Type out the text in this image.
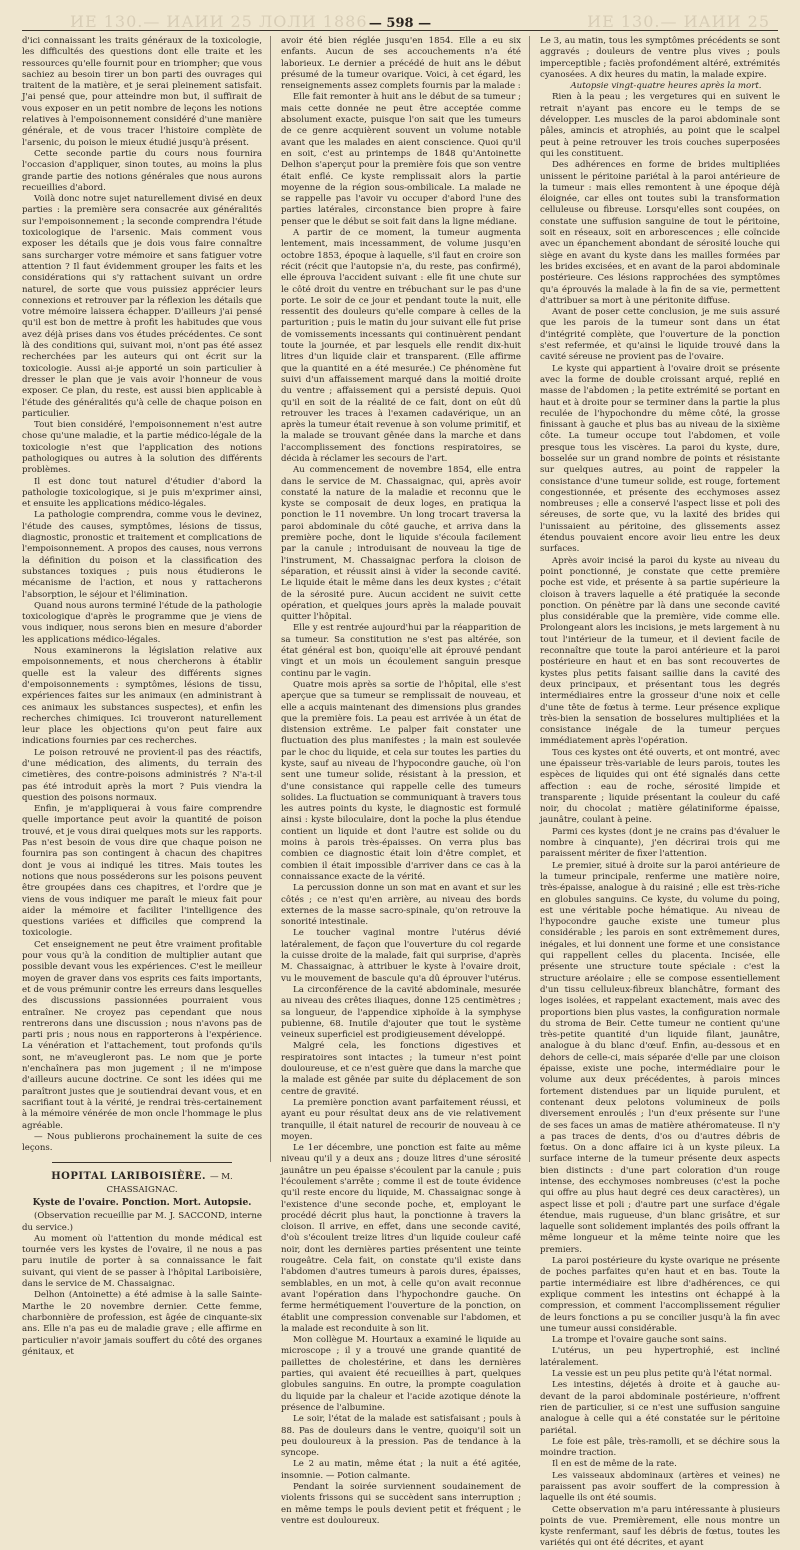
ИЕ 130.— ИАИИ 25 ЛОЛИ 1886	ИЕ 130.— ИАИИ 25
— 598 —

d'ici connaissant les traits généraux de la toxicologie, les difficultés des questions dont elle traite et les ressources qu'elle fournit pour en triompher; que vous sachiez au besoin tirer un bon parti des ouvrages qui traitent de la matière, et je serai pleinement satisfait. J'ai pensé que, pour atteindre mon but, il suffirait de vous exposer en un petit nombre de leçons les notions relatives à l'empoisonnement considéré d'une manière générale, et de vous tracer l'histoire complète de l'arsenic, du poison le mieux étudié jusqu'à présent.

Cette seconde partie du cours nous fournira l'occasion d'appliquer, sinon toutes, au moins la plus grande partie des notions générales que nous aurons recueillies d'abord.

Voilà donc notre sujet naturellement divisé en deux parties : la première sera consacrée aux généralités sur l'empoisonnement ; la seconde comprendra l'étude toxicologique de l'arsenic. Mais comment vous exposer les détails que je dois vous faire connaître sans surcharger votre mémoire et sans fatiguer votre attention ? Il faut évidemment grouper les faits et les considérations qui s'y rattachent suivant un ordre naturel, de sorte que vous puissiez apprécier leurs connexions et retrouver par la réflexion les détails que votre mémoire laissera échapper. D'ailleurs j'ai pensé qu'il est bon de mettre à profit les habitudes que vous avez déjà prises dans vos études précédentes. Ce sont là des conditions qui, suivant moi, n'ont pas été assez recherchées par les auteurs qui ont écrit sur la toxicologie. Aussi ai-je apporté un soin particulier à dresser le plan que je vais avoir l'honneur de vous exposer. Ce plan, du reste, est aussi bien applicable à l'étude des généralités qu'à celle de chaque poison en particulier.

Tout bien considéré, l'empoisonnement n'est autre chose qu'une maladie, et la partie médico-légale de la toxicologie n'est que l'application des notions pathologiques ou autres à la solution des différents problèmes.

Il est donc tout naturel d'étudier d'abord la pathologie toxicologique, si je puis m'exprimer ainsi, et ensuite les applications médico-légales.

La pathologie comprendra, comme vous le devinez, l'étude des causes, symptômes, lésions de tissus, diagnostic, pronostic et traitement et complications de l'empoisonnement. A propos des causes, nous verrons la définition du poison et la classification des substances toxiques ; puis nous étudierons le mécanisme de l'action, et nous y rattacherons l'absorption, le séjour et l'élimination.

Quand nous aurons terminé l'étude de la pathologie toxicologique d'après le programme que je viens de vous indiquer, nous serons bien en mesure d'aborder les applications médico-légales.

Nous examinerons la législation relative aux empoisonnements, et nous chercherons à établir quelle est la valeur des différents signes d'empoisonnements : symptômes, lésions de tissu, expériences faites sur les animaux (en administrant à ces animaux les substances suspectes), et enfin les recherches chimiques. Ici trouveront naturellement leur place les objections qu'on peut faire aux indications fournies par ces recherches.

Le poison retrouvé ne provient-il pas des réactifs, d'une médication, des aliments, du terrain des cimetières, des contre-poisons administrés ? N'a-t-il pas été introduit après la mort ? Puis viendra la question des poisons normaux.

Enfin, je m'appliquerai à vous faire comprendre quelle importance peut avoir la quantité de poison trouvé, et je vous dirai quelques mots sur les rapports. Pas n'est besoin de vous dire que chaque poison ne fournira pas son contingent à chacun des chapitres dont je vous ai indiqué les titres. Mais toutes les notions que nous posséderons sur les poisons peuvent être groupées dans ces chapitres, et l'ordre que je viens de vous indiquer me paraît le mieux fait pour aider la mémoire et faciliter l'intelligence des questions variées et difficiles que comprend la toxicologie.

Cet enseignement ne peut être vraiment profitable pour vous qu'à la condition de multiplier autant que possible devant vous les expériences. C'est le meilleur moyen de graver dans vos esprits ces faits importants, et de vous prémunir contre les erreurs dans lesquelles des discussions passionnées pourraient vous entraîner. Ne croyez pas cependant que nous rentrerons dans une discussion ; nous n'avons pas de parti pris ; nous nous en rapporterons à l'expérience. La vénération et l'attachement, tout profonds qu'ils sont, ne m'aveugleront pas. Le nom que je porte n'enchaînera pas mon jugement ; il ne m'impose d'ailleurs aucune doctrine. Ce sont les idées qui me paraîtront justes que je soutiendrai devant vous, et en sacrifiant tout à la vérité, je rendrai très-certainement à la mémoire vénérée de mon oncle l'hommage le plus agréable.

— Nous publierons prochainement la suite de ces leçons.

HOPITAL LARIBOISIÈRE. — M. CHASSAIGNAC.
Kyste de l'ovaire. Ponction. Mort. Autopsie.

(Observation recueillie par M. J. SACCOND, interne du service.)

Au moment où l'attention du monde médical est tournée vers les kystes de l'ovaire, il ne nous a pas paru inutile de porter à sa connaissance le fait suivant, qui vient de se passer à l'hôpital Lariboisière, dans le service de M. Chassaignac.

Delhon (Antoinette) a été admise à la salle Sainte-Marthe le 20 novembre dernier. Cette femme, charbonnière de profession, est âgée de cinquante-six ans. Elle n'a pas eu de maladie grave ; elle affirme en particulier n'avoir jamais souffert du côté des organes génitaux, et

avoir été bien réglée jusqu'en 1854. Elle a eu six enfants. Aucun de ses accouchements n'a été laborieux. Le dernier a précédé de huit ans le début présumé de la tumeur ovarique. Voici, à cet égard, les renseignements assez complets fournis par la malade :

Elle fait remonter à huit ans le début de sa tumeur ; mais cette donnée ne peut être acceptée comme absolument exacte, puisque l'on sait que les tumeurs de ce genre acquièrent souvent un volume notable avant que les malades en aient conscience. Quoi qu'il en soit, c'est au printemps de 1848 qu'Antoinette Delhon s'aperçut pour la première fois que son ventre était enflé. Ce kyste remplissait alors la partie moyenne de la région sous-ombilicale. La malade ne se rappelle pas l'avoir vu occuper d'abord l'une des parties latérales, circonstance bien propre à faire penser que le début se soit fait dans la ligne médiane.

A partir de ce moment, la tumeur augmenta lentement, mais incessamment, de volume jusqu'en octobre 1853, époque à laquelle, s'il faut en croire son récit (récit que l'autopsie n'a, du reste, pas confirmé), elle éprouva l'accident suivant : elle fit une chute sur le côté droit du ventre en trébuchant sur le pas d'une porte. Le soir de ce jour et pendant toute la nuit, elle ressentit des douleurs qu'elle compare à celles de la parturition ; puis le matin du jour suivant elle fut prise de vomissements incessants qui continuèrent pendant toute la journée, et par lesquels elle rendit dix-huit litres d'un liquide clair et transparent. (Elle affirme que la quantité en a été mesurée.) Ce phénomène fut suivi d'un affaissement marqué dans la moitié droite du ventre ; affaissement qui a persisté depuis. Quoi qu'il en soit de la réalité de ce fait, dont on eût dû retrouver les traces à l'examen cadavérique, un an après la tumeur était revenue à son volume primitif, et la malade se trouvant gênée dans la marche et dans l'accomplissement des fonctions respiratoires, se décida à réclamer les secours de l'art.

Au commencement de novembre 1854, elle entra dans le service de M. Chassaignac, qui, après avoir constaté la nature de la maladie et reconnu que le kyste se composait de deux loges, en pratiqua la ponction le 11 novembre. Un long trocart traversa la paroi abdominale du côté gauche, et arriva dans la première poche, dont le liquide s'écoula facilement par la canule ; introduisant de nouveau la tige de l'instrument, M. Chassaignac perfora la cloison de séparation, et réussit ainsi à vider la seconde cavité. Le liquide était le même dans les deux kystes ; c'était de la sérosité pure. Aucun accident ne suivit cette opération, et quelques jours après la malade pouvait quitter l'hôpital.

Elle y est rentrée aujourd'hui par la réapparition de sa tumeur. Sa constitution ne s'est pas altérée, son état général est bon, quoiqu'elle ait éprouvé pendant vingt et un mois un écoulement sanguin presque continu par le vagin.

Quatre mois après sa sortie de l'hôpital, elle s'est aperçue que sa tumeur se remplissait de nouveau, et elle a acquis maintenant des dimensions plus grandes que la première fois. La peau est arrivée à un état de distension extrême. Le palper fait constater une fluctuation des plus manifestes ; la main est soulevée par le choc du liquide, et cela sur toutes les parties du kyste, sauf au niveau de l'hypocondre gauche, où l'on sent une tumeur solide, résistant à la pression, et d'une consistance qui rappelle celle des tumeurs solides. La fluctuation se communiquant à travers tous les autres points du kyste, le diagnostic est formulé ainsi : kyste biloculaire, dont la poche la plus étendue contient un liquide et dont l'autre est solide ou du moins à parois très-épaisses. On verra plus bas combien ce diagnostic était loin d'être complet, et combien il était impossible d'arriver dans ce cas à la connaissance exacte de la vérité.

La percussion donne un son mat en avant et sur les côtés ; ce n'est qu'en arrière, au niveau des bords externes de la masse sacro-spinale, qu'on retrouve la sonorité intestinale.

Le toucher vaginal montre l'utérus dévié latéralement, de façon que l'ouverture du col regarde la cuisse droite de la malade, fait qui surprise, d'après M. Chassaignac, à attribuer le kyste à l'ovaire droit, vu le mouvement de bascule qu'a dû éprouver l'utérus.

La circonférence de la cavité abdominale, mesurée au niveau des crêtes iliaques, donne 125 centimètres ; sa longueur, de l'appendice xiphoïde à la symphyse pubienne, 68. Inutile d'ajouter que tout le système veineux superficiel est prodigieusement développé.

Malgré cela, les fonctions digestives et respiratoires sont intactes ; la tumeur n'est point douloureuse, et ce n'est guère que dans la marche que la malade est gênée par suite du déplacement de son centre de gravité.

La première ponction avant parfaitement réussi, et ayant eu pour résultat deux ans de vie relativement tranquille, il était naturel de recourir de nouveau à ce moyen.

Le 1er décembre, une ponction est faite au même niveau qu'il y a deux ans ; douze litres d'une sérosité jaunâtre un peu épaisse s'écoulent par la canule ; puis l'écoulement s'arrête ; comme il est de toute évidence qu'il reste encore du liquide, M. Chassaignac songe à l'existence d'une seconde poche, et, employant le procédé décrit plus haut, la ponctionne à travers la cloison. Il arrive, en effet, dans une seconde cavité, d'où s'écoulent treize litres d'un liquide couleur café noir, dont les dernières parties présentent une teinte rougeâtre. Cela fait, on constate qu'il existe dans l'abdomen d'autres tumeurs à parois dures, épaisses, semblables, en un mot, à celle qu'on avait reconnue avant l'opération dans l'hypochondre gauche. On ferme hermétiquement l'ouverture de la ponction, on établit une compression convenable sur l'abdomen, et la malade est reconduite à son lit.

Mon collègue M. Hourtaux a examiné le liquide au microscope ; il y a trouvé une grande quantité de paillettes de cholestérine, et dans les dernières parties, qui avaient été recueillies à part, quelques globules sanguins. En outre, la prompte coagulation du liquide par la chaleur et l'acide azotique dénote la présence de l'albumine.

Le soir, l'état de la malade est satisfaisant ; pouls à 88. Pas de douleurs dans le ventre, quoiqu'il soit un peu douloureux à la pression. Pas de tendance à la syncope.

Le 2 au matin, même état ; la nuit a été agitée, insomnie. — Potion calmante.

Pendant la soirée surviennent soudainement de violents frissons qui se succèdent sans interruption ; en même temps le pouls devient petit et fréquent ; le ventre est douloureux.

Le 3, au matin, tous les symptômes précédents se sont aggravés ; douleurs de ventre plus vives ; pouls imperceptible ; faciès profondément altéré, extrémités cyanosées. A dix heures du matin, la malade expire.

Autopsie vingt-quatre heures après la mort.

Rien à la peau ; les vergetures qui en suivent le retrait n'ayant pas encore eu le temps de se développer. Les muscles de la paroi abdominale sont pâles, amincis et atrophiés, au point que le scalpel peut à peine retrouver les trois couches superposées qui les constituent.

Des adhérences en forme de brides multipliées unissent le péritoine pariétal à la paroi antérieure de la tumeur : mais elles remontent à une époque déjà éloignée, car elles ont toutes subi la transformation celluleuse ou fibreuse. Lorsqu'elles sont coupées, on constate une suffusion sanguine de tout le péritoine, soit en réseaux, soit en arborescences ; elle coïncide avec un épanchement abondant de sérosité louche qui siège en avant du kyste dans les mailles formées par les brides excisées, et en avant de la paroi abdominale postérieure. Ces lésions rapprochées des symptômes qu'a éprouvés la malade à la fin de sa vie, permettent d'attribuer sa mort à une péritonite diffuse.

Avant de poser cette conclusion, je me suis assuré que les parois de la tumeur sont dans un état d'intégrité complète, que l'ouverture de la ponction s'est refermée, et qu'ainsi le liquide trouvé dans la cavité séreuse ne provient pas de l'ovaire.

Le kyste qui appartient à l'ovaire droit se présente avec la forme de double croissant arqué, replié en masse de l'abdomen ; la petite extrémité se portant en haut et à droite pour se terminer dans la partie la plus reculée de l'hypochondre du même côté, la grosse finissant à gauche et plus bas au niveau de la sixième côte. La tumeur occupe tout l'abdomen, et voile presque tous les viscères. La paroi du kyste, dure, bosselée sur un grand nombre de points et résistante sur quelques autres, au point de rappeler la consistance d'une tumeur solide, est rouge, fortement congestionnée, et présente des ecchymoses assez nombreuses ; elle a conservé l'aspect lisse et poli des séreuses, de sorte que, vu la laxité des brides qui l'unissaient au péritoine, des glissements assez étendus pouvaient encore avoir lieu entre les deux surfaces.

Après avoir incisé la paroi du kyste au niveau du point ponctionné, je constate que cette première poche est vide, et présente à sa partie supérieure la cloison à travers laquelle a été pratiquée la seconde ponction. On pénètre par là dans une seconde cavité plus considérable que la première, vide comme elle. Prolongeant alors les incisions, je mets largement à nu tout l'intérieur de la tumeur, et il devient facile de reconnaître que toute la paroi antérieure et la paroi postérieure en haut et en bas sont recouvertes de kystes plus petits faisant saillie dans la cavité des deux principaux, et présentant tous les degrés intermédiaires entre la grosseur d'une noix et celle d'une tête de fœtus à terme. Leur présence explique très-bien la sensation de bosselures multipliées et la consistance inégale de la tumeur perçues immédiatement après l'opération.

Tous ces kystes ont été ouverts, et ont montré, avec une épaisseur très-variable de leurs parois, toutes les espèces de liquides qui ont été signalés dans cette affection : eau de roche, sérosité limpide et transparente ; liquide présentant la couleur du café noir, du chocolat ; matière gélatiniforme épaisse, jaunâtre, coulant à peine.

Parmi ces kystes (dont je ne crains pas d'évaluer le nombre à cinquante), j'en décrirai trois qui me paraissent mériter de fixer l'attention.

Le premier, situé à droite sur la paroi antérieure de la tumeur principale, renferme une matière noire, très-épaisse, analogue à du raisiné ; elle est très-riche en globules sanguins. Ce kyste, du volume du poing, est une véritable poche hématique. Au niveau de l'hypocondre gauche existe une tumeur plus considérable ; les parois en sont extrêmement dures, inégales, et lui donnent une forme et une consistance qui rappellent celles du placenta. Incisée, elle présente une structure toute spéciale : c'est la structure aréolaire ; elle se compose essentiellement d'un tissu celluleux-fibreux blanchâtre, formant des loges isolées, et rappelant exactement, mais avec des proportions bien plus vastes, la configuration normale du stroma de Beir. Cette tumeur ne contient qu'une très-petite quantité d'un liquide filant, jaunâtre, analogue à du blanc d'œuf. Enfin, au-dessous et en dehors de celle-ci, mais séparée d'elle par une cloison épaisse, existe une poche, intermédiaire pour le volume aux deux précédentes, à parois minces fortement distendues par un liquide purulent, et contenant deux pelotons volumineux de poils diversement enroulés ; l'un d'eux présente sur l'une de ses faces un amas de matière athéromateuse. Il n'y a pas traces de dents, d'os ou d'autres débris de fœtus. On a donc affaire ici à un kyste pileux. La surface interne de la tumeur présente deux aspects bien distincts : d'une part coloration d'un rouge intense, des ecchymoses nombreuses (c'est la poche qui offre au plus haut degré ces deux caractères), un aspect lisse et poli ; d'autre part une surface d'égale étendue, mais rugueuse, d'un blanc grisâtre, et sur laquelle sont solidement implantés des poils offrant la même longueur et la même teinte noire que les premiers.

La paroi postérieure du kyste ovarique ne présente de poches parfaites qu'en haut et en bas. Toute la partie intermédiaire est libre d'adhérences, ce qui explique comment les intestins ont échappé à la compression, et comment l'accomplissement régulier de leurs fonctions a pu se concilier jusqu'à la fin avec une tumeur aussi considérable.

La trompe et l'ovaire gauche sont sains.

L'utérus, un peu hypertrophié, est incliné latéralement.

La vessie est un peu plus petite qu'à l'état normal.

Les intestins, déjetés à droite et à gauche au-devant de la paroi abdominale postérieure, n'offrent rien de particulier, si ce n'est une suffusion sanguine analogue à celle qui a été constatée sur le péritoine pariétal.

Le foie est pâle, très-ramolli, et se déchire sous la moindre traction.

Il en est de même de la rate.

Les vaisseaux abdominaux (artères et veines) ne paraissent pas avoir souffert de la compression à laquelle ils ont été soumis.

Cette observation m'a paru intéressante à plusieurs points de vue. Premièrement, elle nous montre un kyste renfermant, sauf les débris de fœtus, toutes les variétés qui ont été décrites, et ayant
